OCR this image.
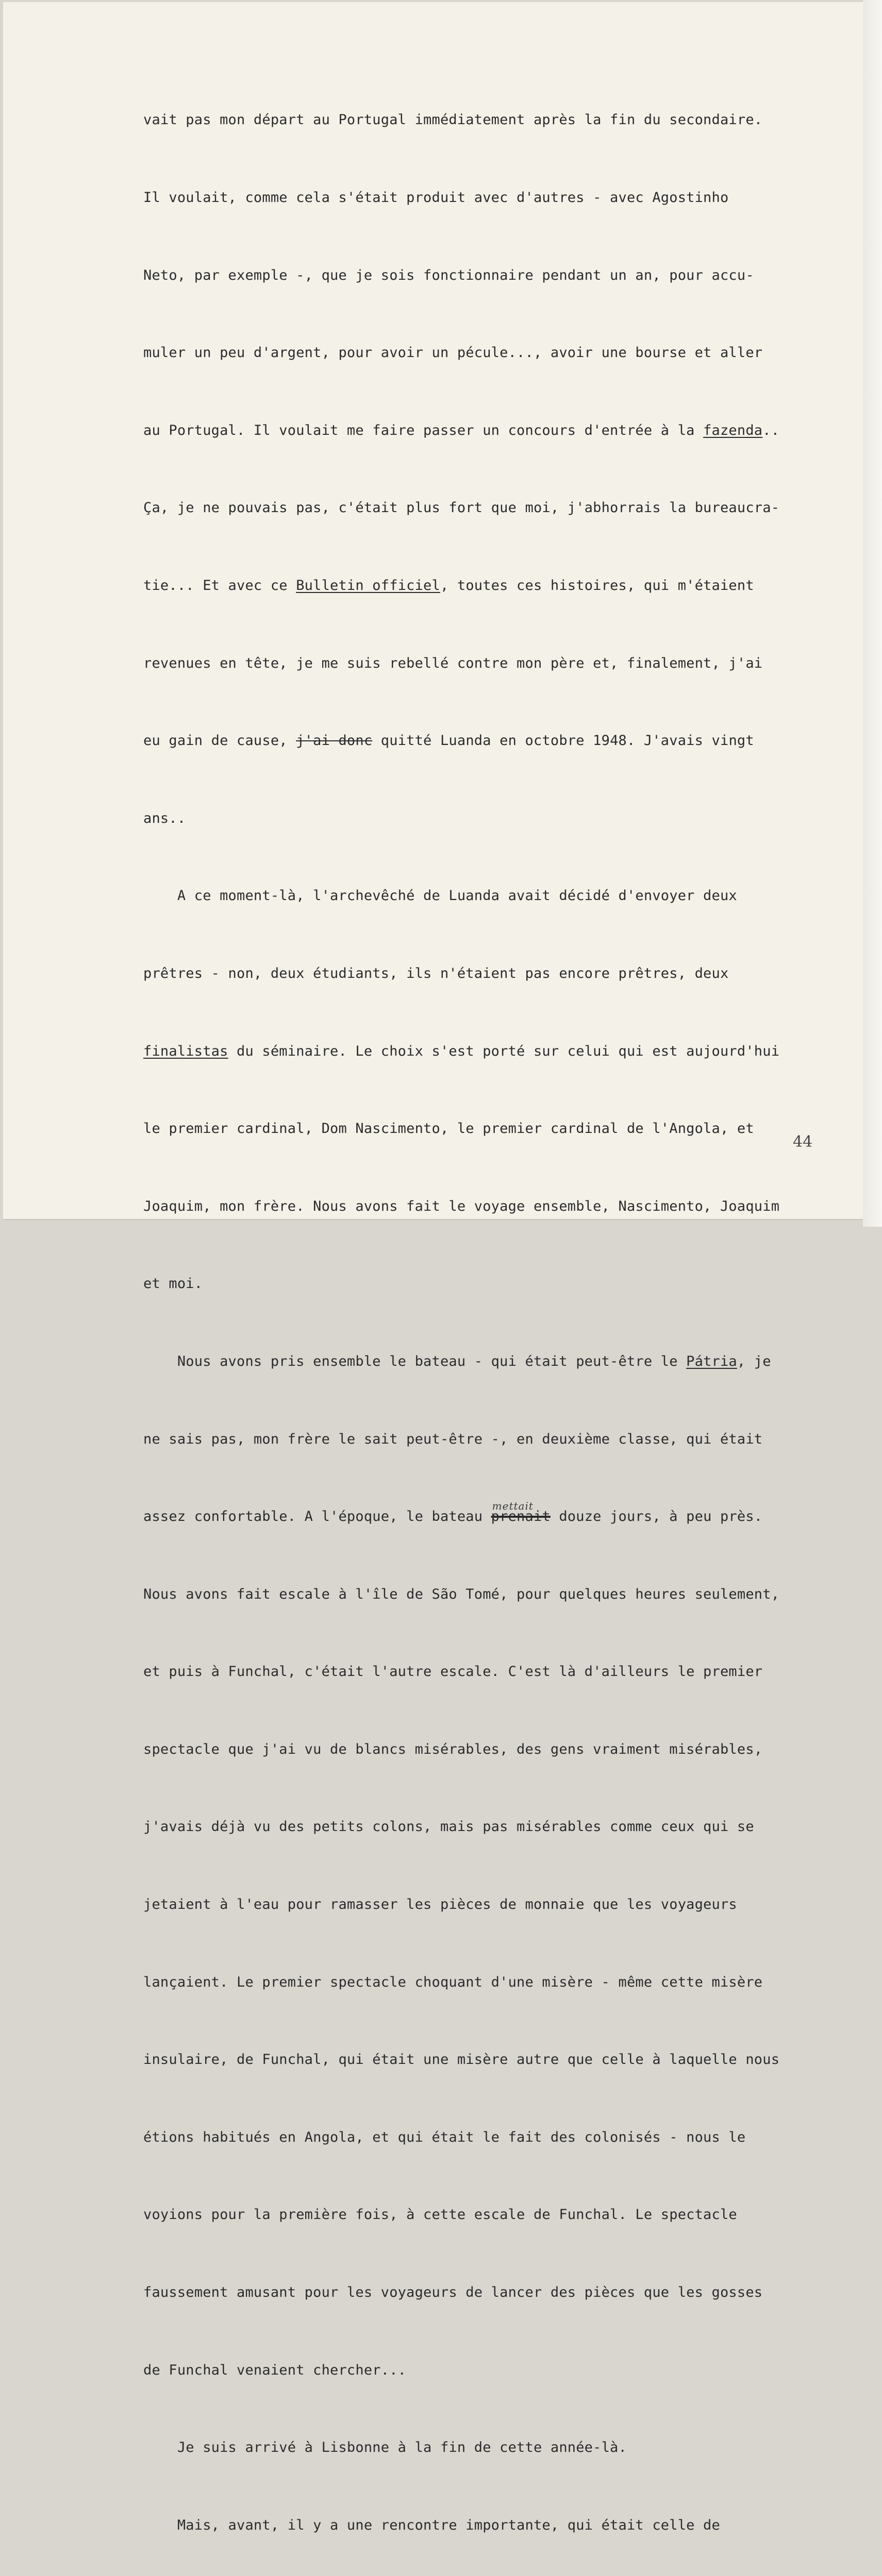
vait pas mon départ au Portugal immédiatement après la fin du secondaire.

Il voulait, comme cela s'était produit avec d'autres - avec Agostinho

Neto, par exemple -, que je sois fonctionnaire pendant un an, pour accu-

muler un peu d'argent, pour avoir un pécule..., avoir une bourse et aller

au Portugal. Il voulait me faire passer un concours d'entrée à la fazenda..

Ça, je ne pouvais pas, c'était plus fort que moi, j'abhorrais la bureaucra-

tie... Et avec ce Bulletin officiel, toutes ces histoires, qui m'étaient

revenues en tête, je me suis rebellé contre mon père et, finalement, j'ai

eu gain de cause, j'ai donc quitté Luanda en octobre 1948. J'avais vingt

ans..

A ce moment-là, l'archevêché de Luanda avait décidé d'envoyer deux

prêtres - non, deux étudiants, ils n'étaient pas encore prêtres, deux

finalistas du séminaire. Le choix s'est porté sur celui qui est aujourd'hui

le premier cardinal, Dom Nascimento, le premier cardinal de l'Angola, et

Joaquim, mon frère. Nous avons fait le voyage ensemble, Nascimento, Joaquim

et moi.

Nous avons pris ensemble le bateau - qui était peut-être le Pátria, je

ne sais pas, mon frère le sait peut-être -, en deuxième classe, qui était

assez confortable. A l'époque, le bateau
mettait
prenait douze jours, à peu près.

Nous avons fait escale à l'île de São Tomé, pour quelques heures seulement,

et puis à Funchal, c'était l'autre escale. C'est là d'ailleurs le premier

spectacle que j'ai vu de blancs misérables, des gens vraiment misérables,

j'avais déjà vu des petits colons, mais pas misérables comme ceux qui se

jetaient à l'eau pour ramasser les pièces de monnaie que les voyageurs

lançaient. Le premier spectacle choquant d'une misère - même cette misère

insulaire, de Funchal, qui était une misère autre que celle à laquelle nous

étions habitués en Angola, et qui était le fait des colonisés - nous le

voyions pour la première fois, à cette escale de Funchal. Le spectacle

faussement amusant pour les voyageurs de lancer des pièces que les gosses

de Funchal venaient chercher...

Je suis arrivé à Lisbonne à la fin de cette année-là.

Mais, avant, il y a une rencontre importante, qui était celle de

44
